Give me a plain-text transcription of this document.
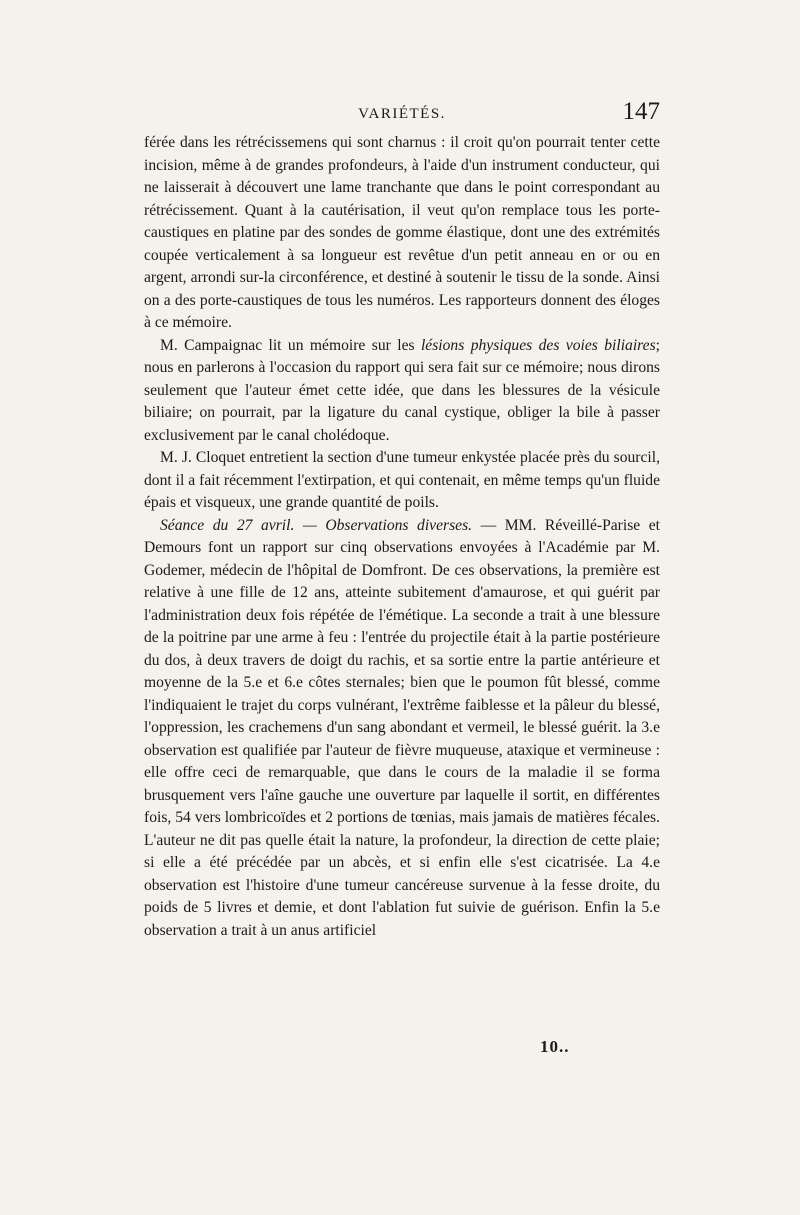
VARIÉTÉS.	147

férée dans les rétrécissemens qui sont charnus : il croit qu'on pourrait tenter cette incision, même à de grandes profondeurs, à l'aide d'un instrument conducteur, qui ne laisserait à découvert une lame tranchante que dans le point correspondant au rétrécissement. Quant à la cautérisation, il veut qu'on remplace tous les porte-caustiques en platine par des sondes de gomme élastique, dont une des extrémités coupée verticalement à sa longueur est revêtue d'un petit anneau en or ou en argent, arrondi sur-la circonférence, et destiné à soutenir le tissu de la sonde. Ainsi on a des porte-caustiques de tous les numéros. Les rapporteurs donnent des éloges à ce mémoire.

M. Campaignac lit un mémoire sur les lésions physiques des voies biliaires; nous en parlerons à l'occasion du rapport qui sera fait sur ce mémoire; nous dirons seulement que l'auteur émet cette idée, que dans les blessures de la vésicule biliaire; on pourrait, par la ligature du canal cystique, obliger la bile à passer exclusivement par le canal cholédoque.

M. J. Cloquet entretient la section d'une tumeur enkystée placée près du sourcil, dont il a fait récemment l'extirpation, et qui contenait, en même temps qu'un fluide épais et visqueux, une grande quantité de poils.

Séance du 27 avril. — Observations diverses. — MM. Réveillé-Parise et Demours font un rapport sur cinq observations envoyées à l'Académie par M. Godemer, médecin de l'hôpital de Domfront. De ces observations, la première est relative à une fille de 12 ans, atteinte subitement d'amaurose, et qui guérit par l'administration deux fois répétée de l'émétique. La seconde a trait à une blessure de la poitrine par une arme à feu : l'entrée du projectile était à la partie postérieure du dos, à deux travers de doigt du rachis, et sa sortie entre la partie antérieure et moyenne de la 5.e et 6.e côtes sternales; bien que le poumon fût blessé, comme l'indiquaient le trajet du corps vulnérant, l'extrême faiblesse et la pâleur du blessé, l'oppression, les crachemens d'un sang abondant et vermeil, le blessé guérit. la 3.e observation est qualifiée par l'auteur de fièvre muqueuse, ataxique et vermineuse : elle offre ceci de remarquable, que dans le cours de la maladie il se forma brusquement vers l'aîne gauche une ouverture par laquelle il sortit, en différentes fois, 54 vers lombricoïdes et 2 portions de tœnias, mais jamais de matières fécales. L'auteur ne dit pas quelle était la nature, la profondeur, la direction de cette plaie; si elle a été précédée par un abcès, et si enfin elle s'est cicatrisée. La 4.e observation est l'histoire d'une tumeur cancéreuse survenue à la fesse droite, du poids de 5 livres et demie, et dont l'ablation fut suivie de guérison. Enfin la 5.e observation a trait à un anus artificiel

10..
